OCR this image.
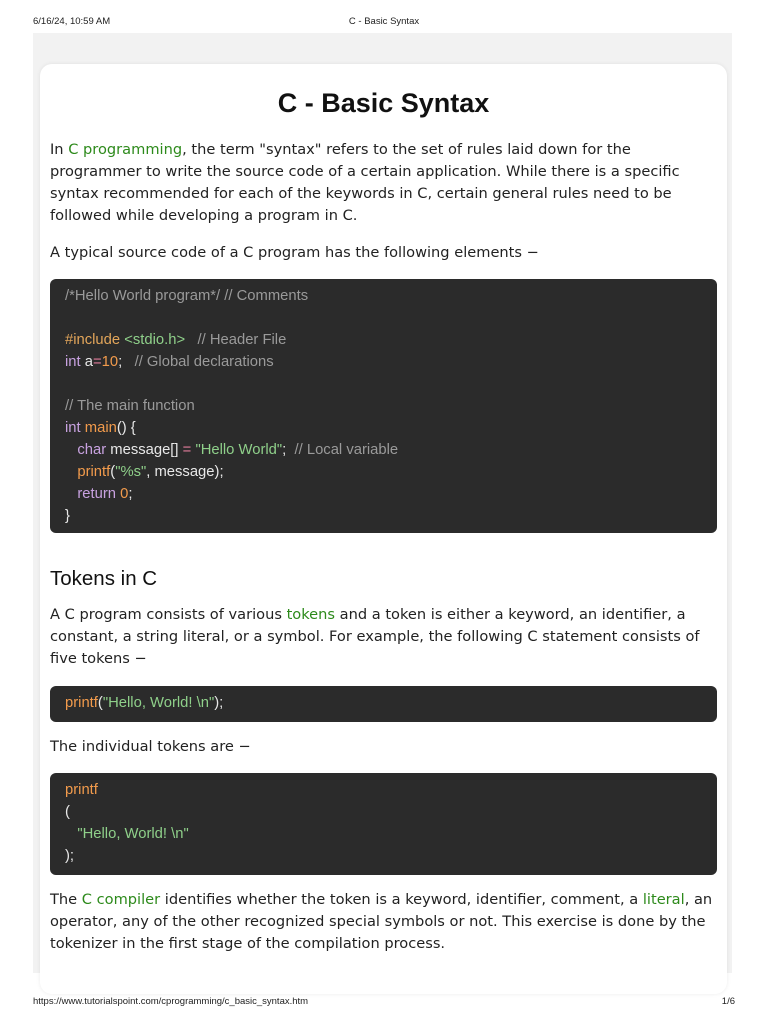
6/16/24, 10:59 AM	C - Basic Syntax
C - Basic Syntax

In C programming, the term "syntax" refers to the set of rules laid down for the programmer to write the source code of a certain application. While there is a specific syntax recommended for each of the keywords in C, certain general rules need to be followed while developing a program in C.

A typical source code of a C program has the following elements −

/*Hello World program*/ // Comments

#include <stdio.h> // Header File
int a=10; // Global declarations

// The main function
int main() {
char message[] = "Hello World"; // Local variable
printf("%s", message);
return 0;
}
Tokens in C

A C program consists of various tokens and a token is either a keyword, an identifier, a constant, a string literal, or a symbol. For example, the following C statement consists of five tokens −

printf("Hello, World! \n");

The individual tokens are −

printf
(
"Hello, World! \n"
);

The C compiler identifies whether the token is a keyword, identifier, comment, a literal, an operator, any of the other recognized special symbols or not. This exercise is done by the tokenizer in the first stage of the compilation process.

https://www.tutorialspoint.com/cprogramming/c_basic_syntax.htm	1/6
